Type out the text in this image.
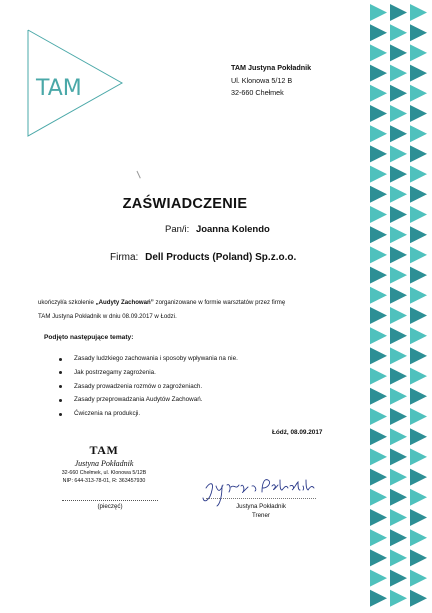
TAM
TAM Justyna Pokładnik
Ul. Klonowa 5/12 B
32-660 Chełmek
ZAŚWIADCZENIE
Pan/i: Joanna Kolendo
Firma: Dell Products (Poland) Sp.z.o.o.
ukończył/a szkolenie „Audyty Zachowań” zorganizowane w formie warsztatów przez firmę
TAM Justyna Pokładnik w dniu 08.09.2017 w Łodzi.
Podjęto następujące tematy:
Zasady ludzkiego zachowania i sposoby wpływania na nie.
Jak postrzegamy zagrożenia.
Zasady prowadzenia rozmów o zagrożeniach.
Zasady przeprowadzania Audytów Zachowań.
Ćwiczenia na produkcji.
Łódź, 08.09.2017
TAM
Justyna Pokładnik
32-660 Chełmek, ul. Klonowa 5/12B
NIP: 644-313-78-01, R: 363457930
(pieczęć)	Justyna Pokładnik
Trener
